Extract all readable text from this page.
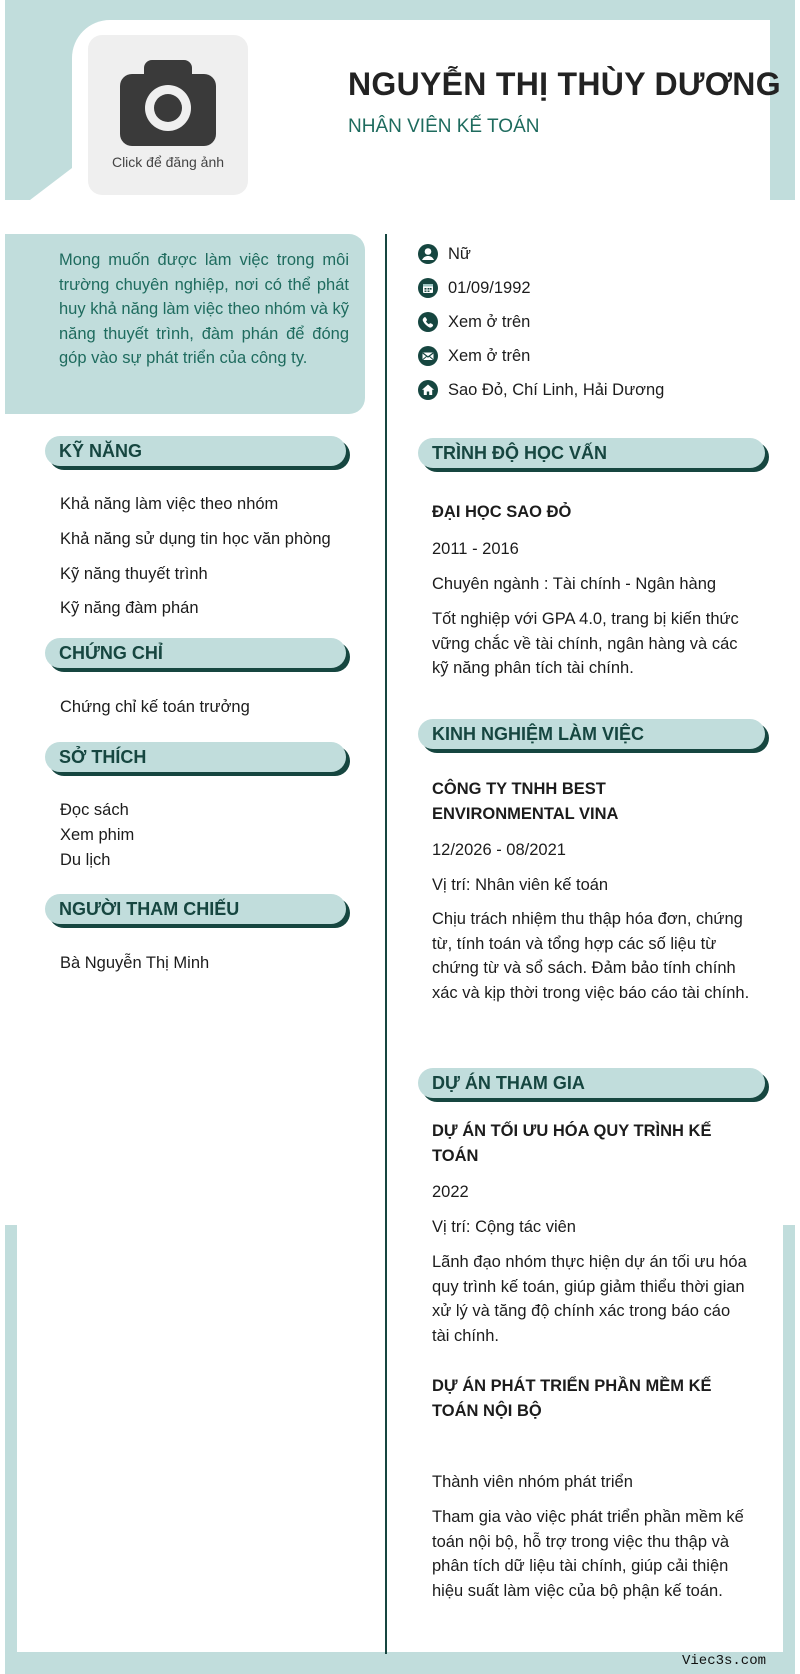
Click để đăng ảnh
NGUYỄN THỊ THÙY DƯƠNG
NHÂN VIÊN KẾ TOÁN

Mong muốn được làm việc trong môi trường chuyên nghiệp, nơi có thể phát huy khả năng làm việc theo nhóm và kỹ năng thuyết trình, đàm phán để đóng góp vào sự phát triển của công ty.

Nữ
01/09/1992
Xem ở trên
Xem ở trên
Sao Đỏ, Chí Linh, Hải Dương
KỸ NĂNG
Khả năng làm việc theo nhóm
Khả năng sử dụng tin học văn phòng
Kỹ năng thuyết trình
Kỹ năng đàm phán
CHỨNG CHỈ
Chứng chỉ kế toán trưởng
SỞ THÍCH
Đọc sách
Xem phim
Du lịch
NGƯỜI THAM CHIẾU
Bà Nguyễn Thị Minh
TRÌNH ĐỘ HỌC VẤN
ĐẠI HỌC SAO ĐỎ
2011 - 2016
Chuyên ngành : Tài chính - Ngân hàng
Tốt nghiệp với GPA 4.0, trang bị kiến thức vững chắc về tài chính, ngân hàng và các kỹ năng phân tích tài chính.
KINH NGHIỆM LÀM VIỆC
CÔNG TY TNHH BEST ENVIRONMENTAL VINA
12/2026 - 08/2021
Vị trí: Nhân viên kế toán
Chịu trách nhiệm thu thập hóa đơn, chứng từ, tính toán và tổng hợp các số liệu từ chứng từ và sổ sách. Đảm bảo tính chính xác và kịp thời trong việc báo cáo tài chính.
DỰ ÁN THAM GIA
DỰ ÁN TỐI ƯU HÓA QUY TRÌNH KẾ TOÁN
2022
Vị trí: Cộng tác viên
Lãnh đạo nhóm thực hiện dự án tối ưu hóa quy trình kế toán, giúp giảm thiểu thời gian xử lý và tăng độ chính xác trong báo cáo tài chính.
DỰ ÁN PHÁT TRIỂN PHẦN MỀM KẾ TOÁN NỘI BỘ
Thành viên nhóm phát triển
Tham gia vào việc phát triển phần mềm kế toán nội bộ, hỗ trợ trong việc thu thập và phân tích dữ liệu tài chính, giúp cải thiện hiệu suất làm việc của bộ phận kế toán.
Viec3s.com
